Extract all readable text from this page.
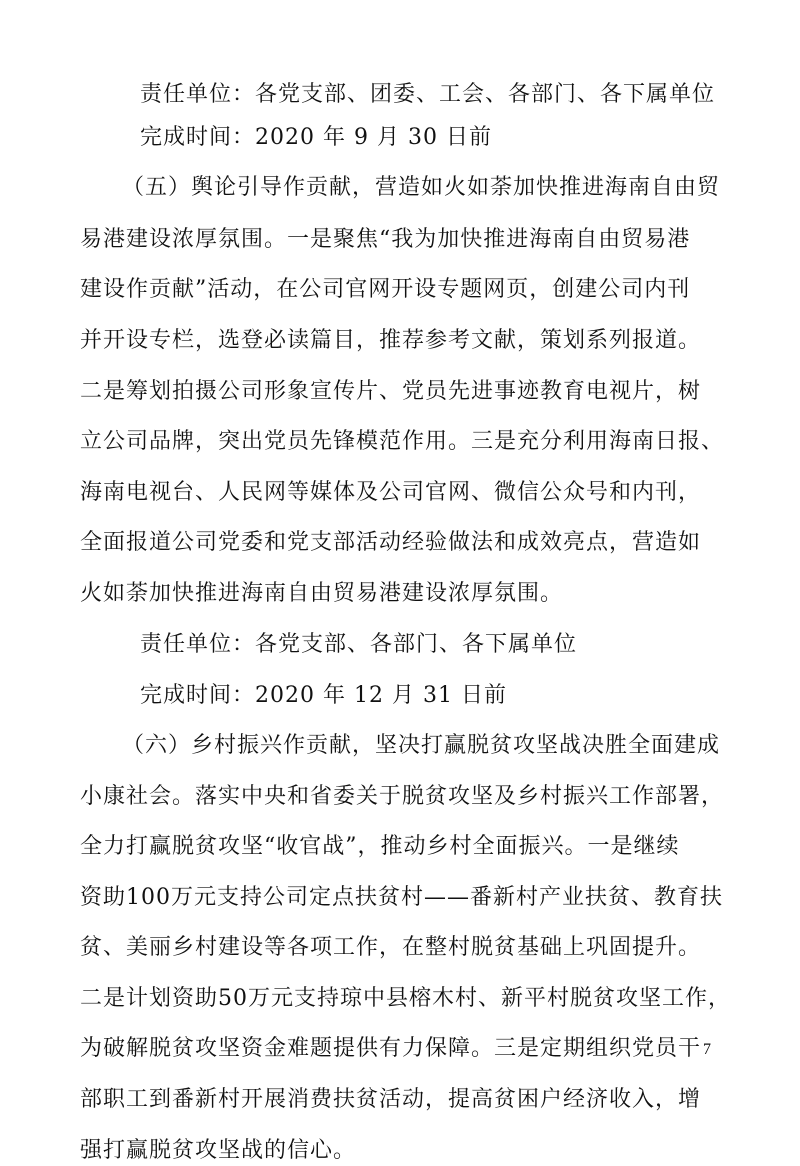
责任单位：各党支部、团委、工会、各部门、各下属单位
完成时间：2020 年 9 月 30 日前
（五）舆论引导作贡献，营造如火如荼加快推进海南自由贸
易港建设浓厚氛围。一是聚焦“我为加快推进海南自由贸易港
建设作贡献”活动，在公司官网开设专题网页，创建公司内刊
并开设专栏，选登必读篇目，推荐参考文献，策划系列报道。
二是筹划拍摄公司形象宣传片、党员先进事迹教育电视片，树
立公司品牌，突出党员先锋模范作用。三是充分利用海南日报、
海南电视台、人民网等媒体及公司官网、微信公众号和内刊，
全面报道公司党委和党支部活动经验做法和成效亮点，营造如
火如荼加快推进海南自由贸易港建设浓厚氛围。
责任单位：各党支部、各部门、各下属单位
完成时间：2020 年 12 月 31 日前
（六）乡村振兴作贡献，坚决打赢脱贫攻坚战决胜全面建成
小康社会。落实中央和省委关于脱贫攻坚及乡村振兴工作部署，
全力打赢脱贫攻坚“收官战”，推动乡村全面振兴。一是继续
资助100万元支持公司定点扶贫村——番新村产业扶贫、教育扶
贫、美丽乡村建设等各项工作，在整村脱贫基础上巩固提升。
二是计划资助50万元支持琼中县榕木村、新平村脱贫攻坚工作，
为破解脱贫攻坚资金难题提供有力保障。三是定期组织党员干
部职工到番新村开展消费扶贫活动，提高贫困户经济收入，增
强打赢脱贫攻坚战的信心。
7
